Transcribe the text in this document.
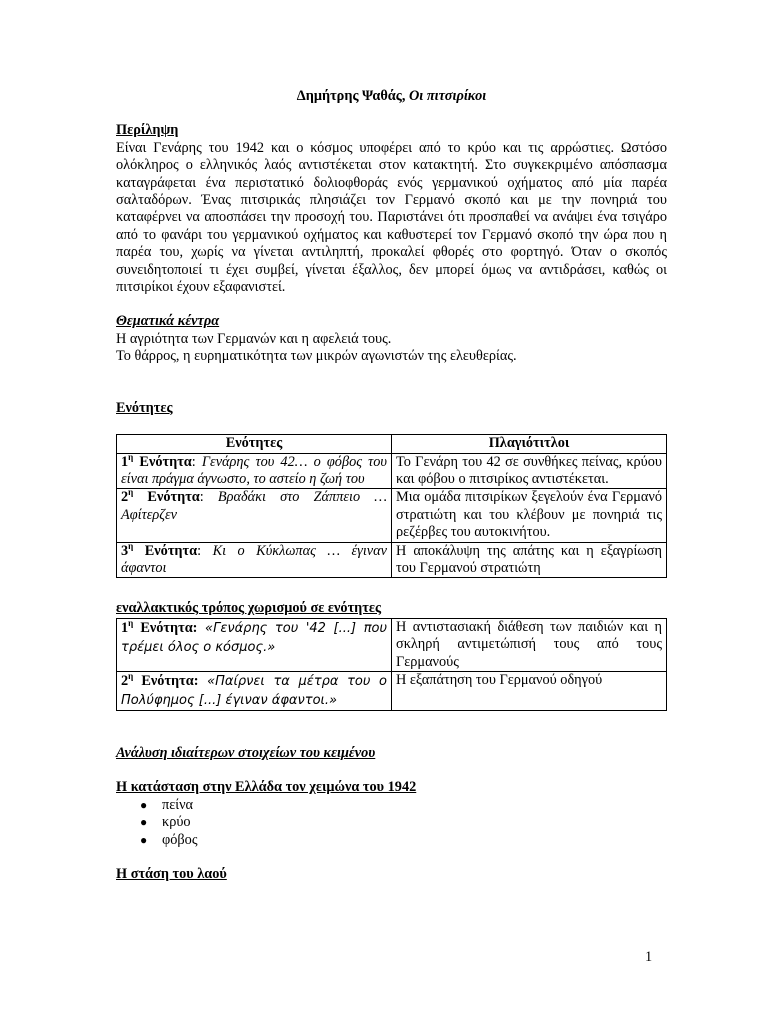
Δημήτρης Ψαθάς, Οι πιτσιρίκοι

Περίληψη

Είναι Γενάρης του 1942 και ο κόσμος υποφέρει από το κρύο και τις αρρώστιες. Ωστόσο ολόκληρος ο ελληνικός λαός αντιστέκεται στον κατακτητή. Στο συγκεκριμένο απόσπασμα καταγράφεται ένα περιστατικό δολιοφθοράς ενός γερμανικού οχήματος από μία παρέα σαλταδόρων. Ένας πιτσιρικάς πλησιάζει τον Γερμανό σκοπό και με την πονηριά του καταφέρνει να αποσπάσει την προσοχή του. Παριστάνει ότι προσπαθεί να ανάψει ένα τσιγάρο από το φανάρι του γερμανικού οχήματος και καθυστερεί τον Γερμανό σκοπό την ώρα που η παρέα του, χωρίς να γίνεται αντιληπτή, προκαλεί φθορές στο φορτηγό. Όταν ο σκοπός συνειδητοποιεί τι έχει συμβεί, γίνεται έξαλλος, δεν μπορεί όμως να αντιδράσει, καθώς οι πιτσιρίκοι έχουν εξαφανιστεί.

Θεματικά κέντρα

Η αγριότητα των Γερμανών και η αφελειά τους.

Το θάρρος, η ευρηματικότητα των μικρών αγωνιστών της ελευθερίας.

Ενότητες
Ενότητες	Πλαγιότιτλοι
$1^\eta$ Ενότητα: Γενάρης του 42… ο φόβος του είναι πράγμα άγνωστο, το αστείο η ζωή του	Το Γενάρη του 42 σε συνθήκες πείνας, κρύου και φόβου ο πιτσιρίκος αντιστέκεται.
$2^\eta$ Ενότητα: Βραδάκι στο Ζάππειο … Αφίτερζεν	Μια ομάδα πιτσιρίκων ξεγελούν ένα Γερμανό στρατιώτη και του κλέβουν με πονηριά τις ρεζέρβες του αυτοκινήτου.
$3^\eta$ Ενότητα: Κι ο Κύκλωπας … έγιναν άφαντοι	Η αποκάλυψη της απάτης και η εξαγρίωση του Γερμανού στρατιώτη
εναλλακτικός τρόπος χωρισμού σε ενότητες
$1^\eta$ Ενότητα: «Γενάρης του '42 [...] που τρέμει όλος ο κόσμος.»	Η αντιστασιακή διάθεση των παιδιών και η σκληρή αντιμετώπισή τους από τους Γερμανούς
$2^\eta$ Ενότητα: «Παίρνει τα μέτρα του ο Πολύφημος [...] έγιναν άφαντοι.»	Η εξαπάτηση του Γερμανού οδηγού
Ανάλυση ιδιαίτερων στοιχείων του κειμένου
Η κατάσταση στην Ελλάδα τον χειμώνα του 1942
● πείνα
● κρύο
● φόβος
Η στάση του λαού
1
